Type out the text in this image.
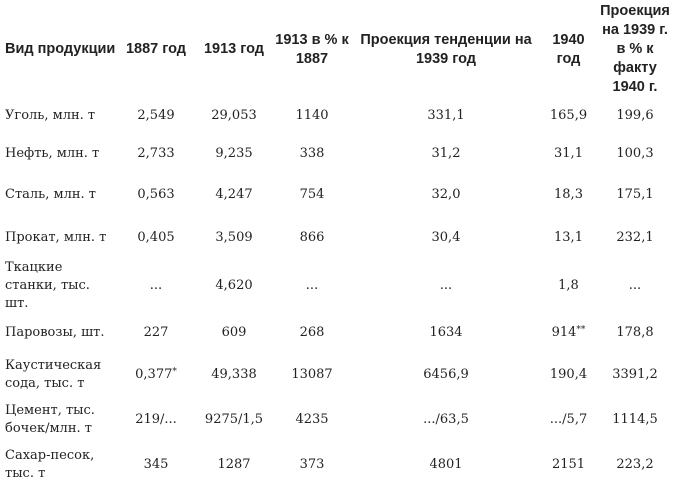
Вид продукции	1887 год	1913 год	1913 в % к 1887	Проекция тенденции на 1939 год	1940 год	Проекция на 1939 г. в % к факту 1940 г.
Уголь, млн. т	2,549	29,053	1140	331,1	165,9	199,6
Нефть, млн. т	2,733	9,235	338	31,2	31,1	100,3
Сталь, млн. т	0,563	4,247	754	32,0	18,3	175,1
Прокат, млн. т	0,405	3,509	866	30,4	13,1	232,1
Ткацкие станки, тыс. шт.	...	4,620	...	...	1,8	...
Паровозы, шт.	227	609	268	1634	914**	178,8
Каустическая сода, тыс. т	0,377*	49,338	13087	6456,9	190,4	3391,2
Цемент, тыс. бочек/млн. т	219/...	9275/1,5	4235	.../63,5	.../5,7	1114,5
Сахар-песок, тыс. т	345	1287	373	4801	2151	223,2
